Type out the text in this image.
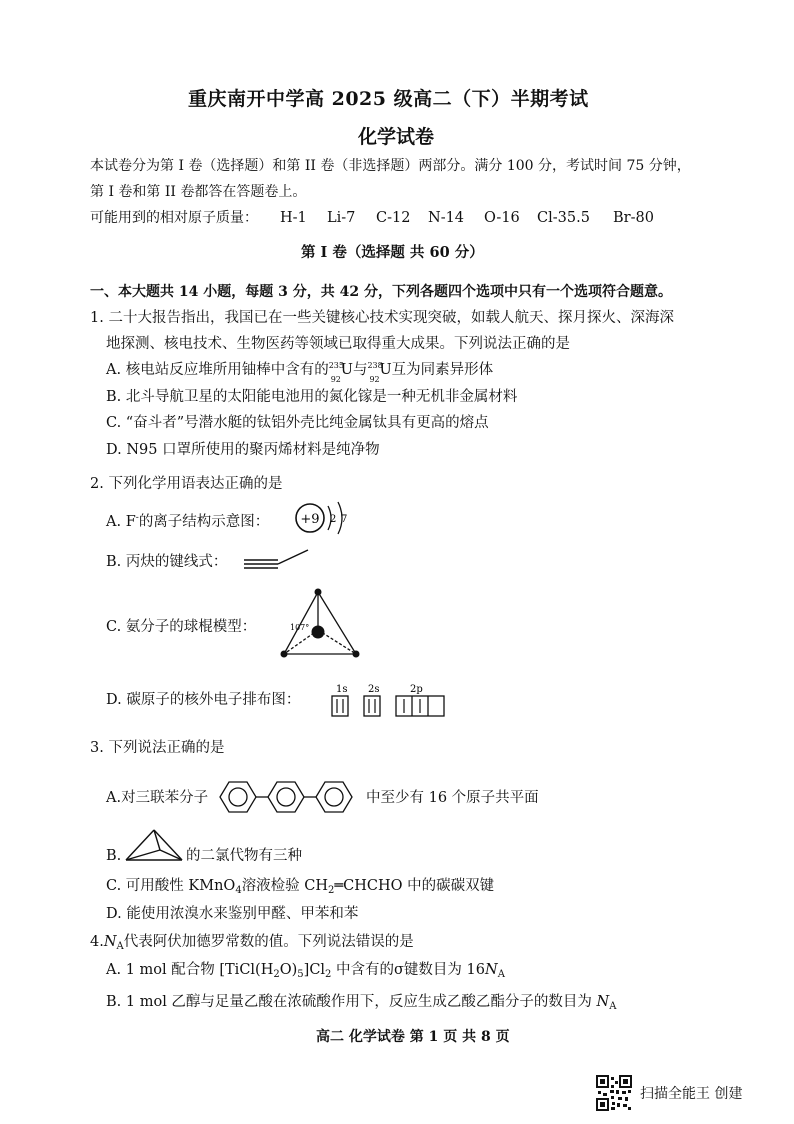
重庆南开中学高 2025 级高二（下）半期考试
化学试卷
本试卷分为第 I 卷（选择题）和第 II 卷（非选择题）两部分。满分 100 分，考试时间 75 分钟，
第 I 卷和第 II 卷都答在答题卷上。
可能用到的相对原子质量： H-1 Li-7 C-12 N-14 O-16 Cl-35.5 Br-80
第 I 卷（选择题 共 60 分）
一、本大题共 14 小题，每题 3 分，共 42 分，下列各题四个选项中只有一个选项符合题意。
1. 二十大报告指出，我国已在一些关键核心技术实现突破，如载人航天、探月探火、深海深
地探测、核电技术、生物医药等领域已取得重大成果。下列说法正确的是
A. 核电站反应堆所用铀棒中含有的 235
92
U与 238
92
U互为同素异形体
B. 北斗导航卫星的太阳能电池用的氮化镓是一种无机非金属材料
C. “奋斗者”号潜水艇的钛铝外壳比纯金属钛具有更高的熔点
D. N95 口罩所使用的聚丙烯材料是纯净物
2. 下列化学用语表达正确的是
A. F-的离子结构示意图： +9 2 7
B. 丙炔的键线式：
C. 氨分子的球棍模型：	107°
D. 碳原子的核外电子排布图：
1s 2s	2p
3. 下列说法正确的是
A.对三联苯分子	中至少有 16 个原子共平面
B.	的二氯代物有三种
C. 可用酸性 KMnO$_4$溶液检验 $CH_2═CHCHO$ 中的碳碳双键
D. 能使用浓溴水来鉴别甲醛、甲苯和苯
$4.N_A$代表阿伏加德罗常数的值。下列说法错误的是
A. 1 mol 配合物 $[TiCl(H_2O)_5]Cl_2$ 中含有的σ键数目为 $16N_A$
B. 1 mol 乙醇与足量乙酸在浓硫酸作用下，反应生成乙酸乙酯分子的数目为 $N_A$
高二 化学试卷 第 1 页 共 8 页
扫描全能王 创建
